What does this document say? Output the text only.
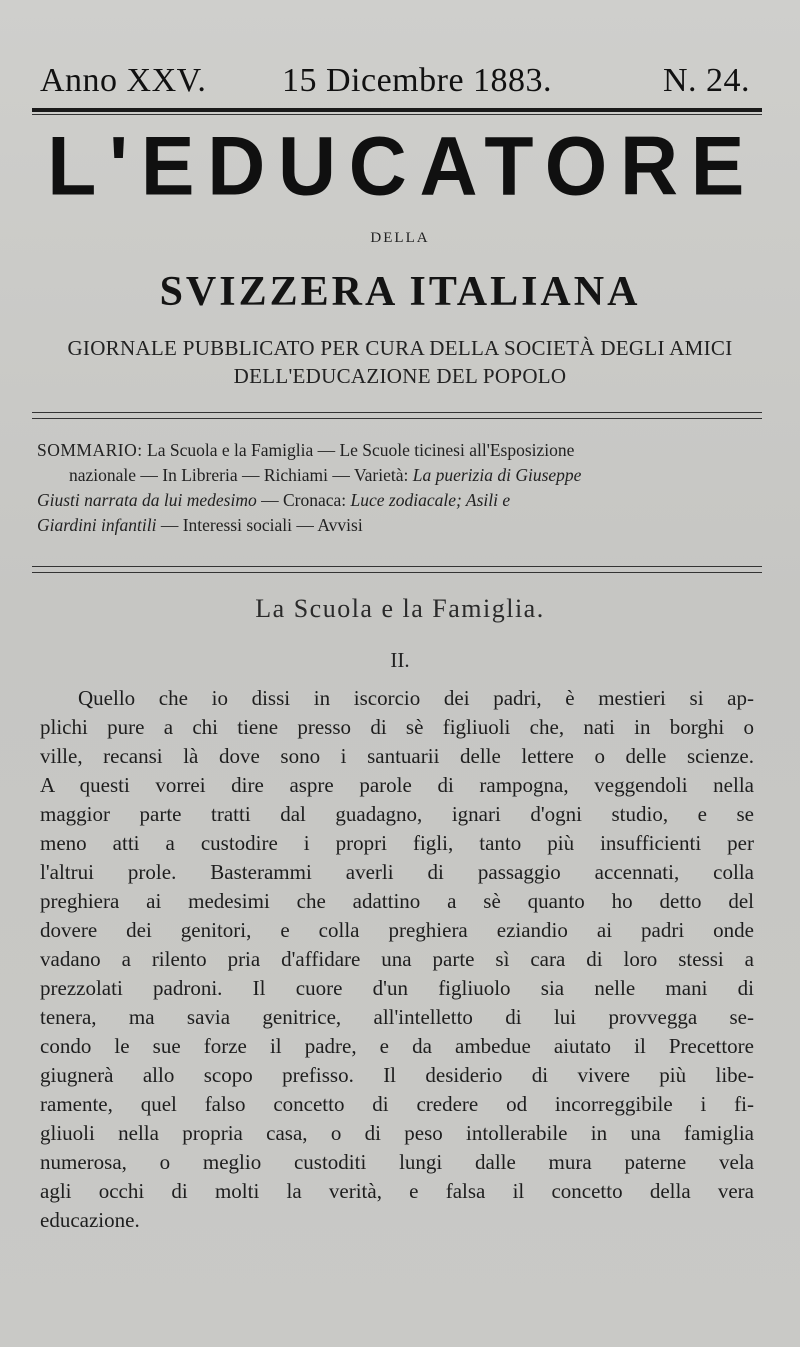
Anno XXV. 15 Dicembre 1883.	N. 24.
L'EDUCATORE
DELLA
SVIZZERA ITALIANA
GIORNALE PUBBLICATO PER CURA DELLA SOCIETÀ DEGLI AMICI
DELL'EDUCAZIONE DEL POPOLO
SOMMARIO: La Scuola e la Famiglia — Le Scuole ticinesi all'Esposizione
nazionale — In Libreria — Richiami — Varietà: La puerizia di Giuseppe
Giusti narrata da lui medesimo — Cronaca: Luce zodiacale; Asili e
Giardini infantili — Interessi sociali — Avvisi
La Scuola e la Famiglia.
II.
Quello che io dissi in iscorcio dei padri, è mestieri si ap-
plichi pure a chi tiene presso di sè figliuoli che, nati in borghi o
ville, recansi là dove sono i santuarii delle lettere o delle scienze.
A questi vorrei dire aspre parole di rampogna, veggendoli nella
maggior parte tratti dal guadagno, ignari d'ogni studio, e se
meno atti a custodire i propri figli, tanto più insufficienti per
l'altrui prole. Basterammi averli di passaggio accennati, colla
preghiera ai medesimi che adattino a sè quanto ho detto del
dovere dei genitori, e colla preghiera eziandio ai padri onde
vadano a rilento pria d'affidare una parte sì cara di loro stessi a
prezzolati padroni. Il cuore d'un figliuolo sia nelle mani di
tenera, ma savia genitrice, all'intelletto di lui provvegga se-
condo le sue forze il padre, e da ambedue aiutato il Precettore
giugnerà allo scopo prefisso. Il desiderio di vivere più libe-
ramente, quel falso concetto di credere od incorreggibile i fi-
gliuoli nella propria casa, o di peso intollerabile in una famiglia
numerosa, o meglio custoditi lungi dalle mura paterne vela
agli occhi di molti la verità, e falsa il concetto della vera
educazione.
